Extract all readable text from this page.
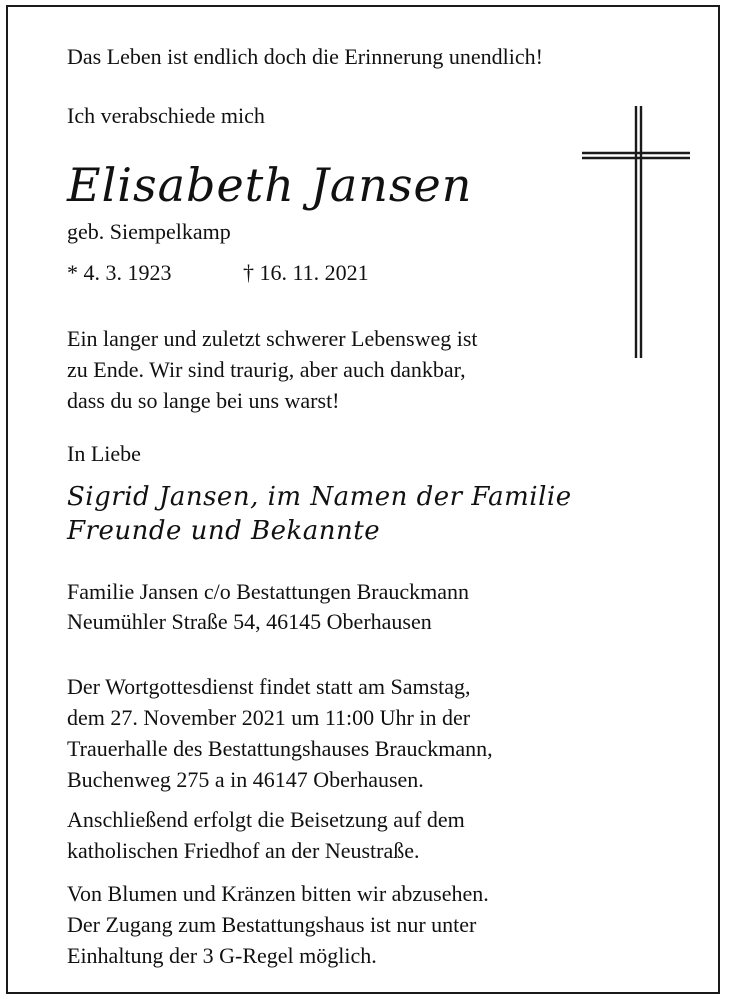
Das Leben ist endlich doch die Erinnerung unendlich!
Ich verabschiede mich
Elisabeth Jansen
geb. Siempelkamp
* 4. 3. 1923	† 16. 11. 2021
Ein langer und zuletzt schwerer Lebensweg ist
zu Ende. Wir sind traurig, aber auch dankbar,
dass du so lange bei uns warst!
In Liebe
Sigrid Jansen, im Namen der Familie
Freunde und Bekannte
Familie Jansen c/o Bestattungen Brauckmann
Neumühler Straße 54, 46145 Oberhausen
Der Wortgottesdienst findet statt am Samstag,
dem 27. November 2021 um 11:00 Uhr in der
Trauerhalle des Bestattungshauses Brauckmann,
Buchenweg 275 a in 46147 Oberhausen.
Anschließend erfolgt die Beisetzung auf dem
katholischen Friedhof an der Neustraße.
Von Blumen und Kränzen bitten wir abzusehen.
Der Zugang zum Bestattungshaus ist nur unter
Einhaltung der 3 G-Regel möglich.
